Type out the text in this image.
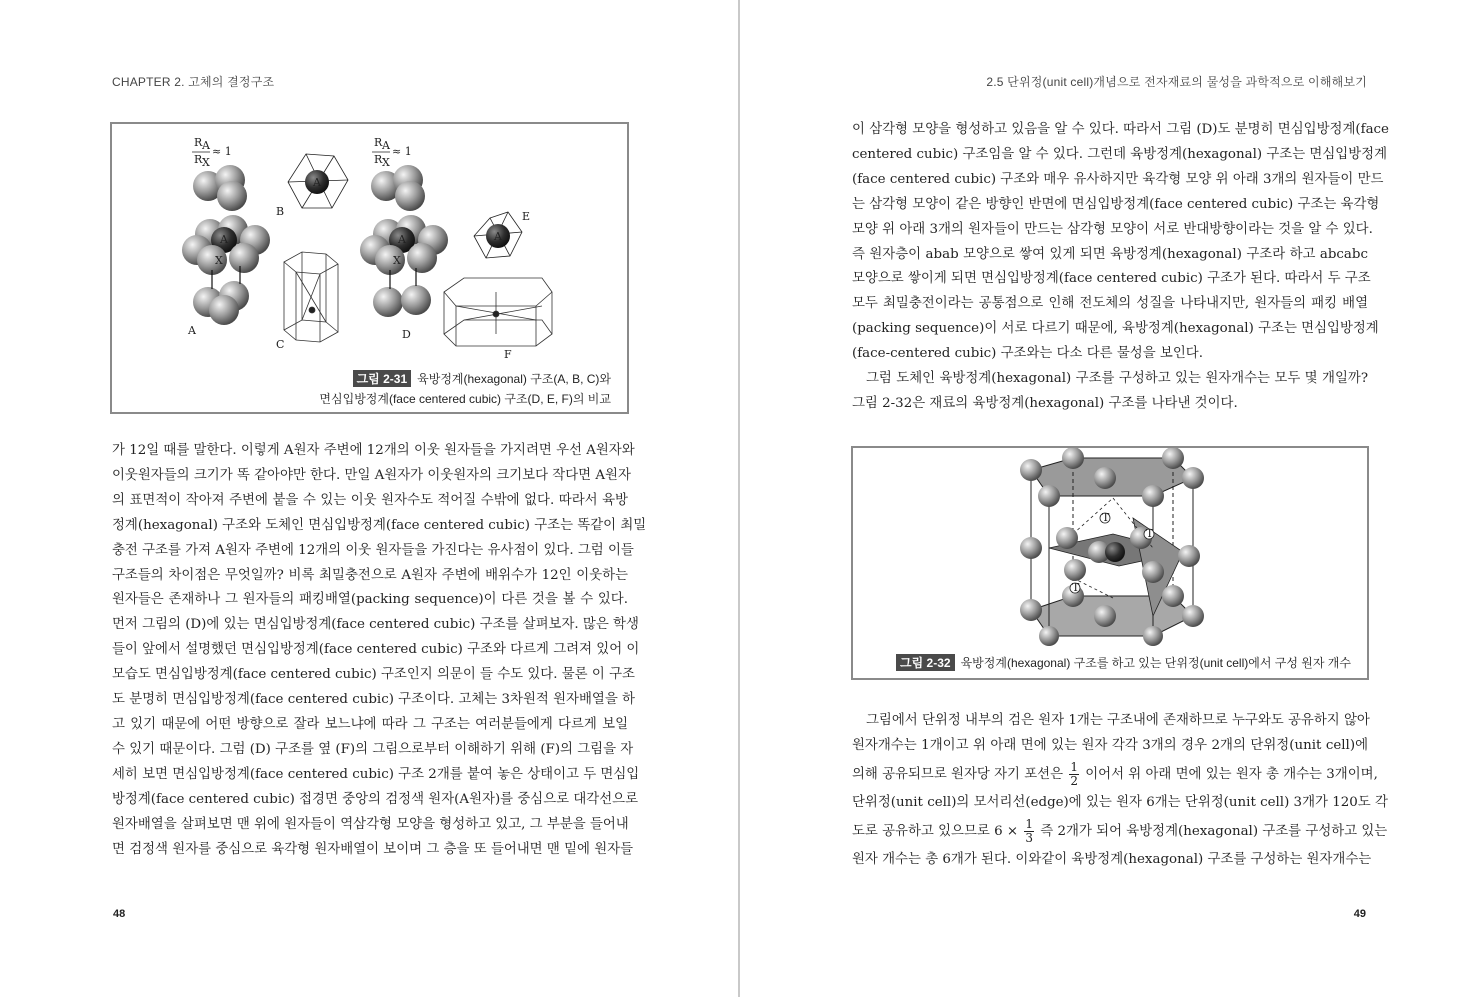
CHAPTER 2. 고체의 결정구조
R A
R X
≈ 1
A
X
A
A
B
C
R A
R X
≈ 1
A
X
D
A
E
F
그림 2-31 육방정계(hexagonal) 구조(A, B, C)와
면심입방정계(face centered cubic) 구조(D, E, F)의 비교
가 12일 때를 말한다. 이렇게 A원자 주변에 12개의 이웃 원자들을 가지려면 우선 A원자와
이웃원자들의 크기가 똑 같아야만 한다. 만일 A원자가 이웃원자의 크기보다 작다면 A원자
의 표면적이 작아져 주변에 붙을 수 있는 이웃 원자수도 적어질 수밖에 없다. 따라서 육방
정계(hexagonal) 구조와 도체인 면심입방정계(face centered cubic) 구조는 똑같이 최밀
충전 구조를 가져 A원자 주변에 12개의 이웃 원자들을 가진다는 유사점이 있다. 그럼 이들
구조들의 차이점은 무엇일까? 비록 최밀충전으로 A원자 주변에 배위수가 12인 이웃하는
원자들은 존재하나 그 원자들의 패킹배열(packing sequence)이 다른 것을 볼 수 있다.
먼저 그림의 (D)에 있는 면심입방정계(face centered cubic) 구조를 살펴보자. 많은 학생
들이 앞에서 설명했던 면심입방정계(face centered cubic) 구조와 다르게 그려져 있어 이
모습도 면심입방정계(face centered cubic) 구조인지 의문이 들 수도 있다. 물론 이 구조
도 분명히 면심입방정계(face centered cubic) 구조이다. 고체는 3차원적 원자배열을 하
고 있기 때문에 어떤 방향으로 잘라 보느냐에 따라 그 구조는 여러분들에게 다르게 보일
수 있기 때문이다. 그럼 (D) 구조를 옆 (F)의 그림으로부터 이해하기 위해 (F)의 그림을 자
세히 보면 면심입방정계(face centered cubic) 구조 2개를 붙여 놓은 상태이고 두 면심입
방정계(face centered cubic) 접경면 중앙의 검정색 원자(A원자)를 중심으로 대각선으로
원자배열을 살펴보면 맨 위에 원자들이 역삼각형 모양을 형성하고 있고, 그 부분을 들어내
면 검정색 원자를 중심으로 육각형 원자배열이 보이며 그 층을 또 들어내면 맨 밑에 원자들
48
2.5 단위정(unit cell)개념으로 전자재료의 물성을 과학적으로 이해해보기
이 삼각형 모양을 형성하고 있음을 알 수 있다. 따라서 그림 (D)도 분명히 면심입방정계(face
centered cubic) 구조임을 알 수 있다. 그런데 육방정계(hexagonal) 구조는 면심입방정계
(face centered cubic) 구조와 매우 유사하지만 육각형 모양 위 아래 3개의 원자들이 만드
는 삼각형 모양이 같은 방향인 반면에 면심입방정계(face centered cubic) 구조는 육각형
모양 위 아래 3개의 원자들이 만드는 삼각형 모양이 서로 반대방향이라는 것을 알 수 있다.
즉 원자층이 abab 모양으로 쌓여 있게 되면 육방정계(hexagonal) 구조라 하고 abcabc
모양으로 쌓이게 되면 면심입방정계(face centered cubic) 구조가 된다. 따라서 두 구조
모두 최밀충전이라는 공통점으로 인해 전도체의 성질을 나타내지만, 원자들의 패킹 배열
(packing sequence)이 서로 다르기 때문에, 육방정계(hexagonal) 구조는 면심입방정계
(face-centered cubic) 구조와는 다소 다른 물성을 보인다.
그럼 도체인 육방정계(hexagonal) 구조를 구성하고 있는 원자개수는 모두 몇 개일까?
그림 2-32은 재료의 육방정계(hexagonal) 구조를 나타낸 것이다.
T
T
T
그림 2-32 육방정계(hexagonal) 구조를 하고 있는 단위정(unit cell)에서 구성 원자 개수
그림에서 단위정 내부의 검은 원자 1개는 구조내에 존재하므로 누구와도 공유하지 않아
원자개수는 1개이고 위 아래 면에 있는 원자 각각 3개의 경우 2개의 단위정(unit cell)에
의해 공유되므로 원자당 자기 포션은 $\frac{1}{2}$ 이어서 위 아래 면에 있는 원자 총 개수는 3개이며,
단위정(unit cell)의 모서리선(edge)에 있는 원자 6개는 단위정(unit cell) 3개가 120도 각
도로 공유하고 있으므로 $6 \times \frac{1}{3}$ 즉 2개가 되어 육방정계(hexagonal) 구조를 구성하고 있는
원자 개수는 총 6개가 된다. 이와같이 육방정계(hexagonal) 구조를 구성하는 원자개수는
49
